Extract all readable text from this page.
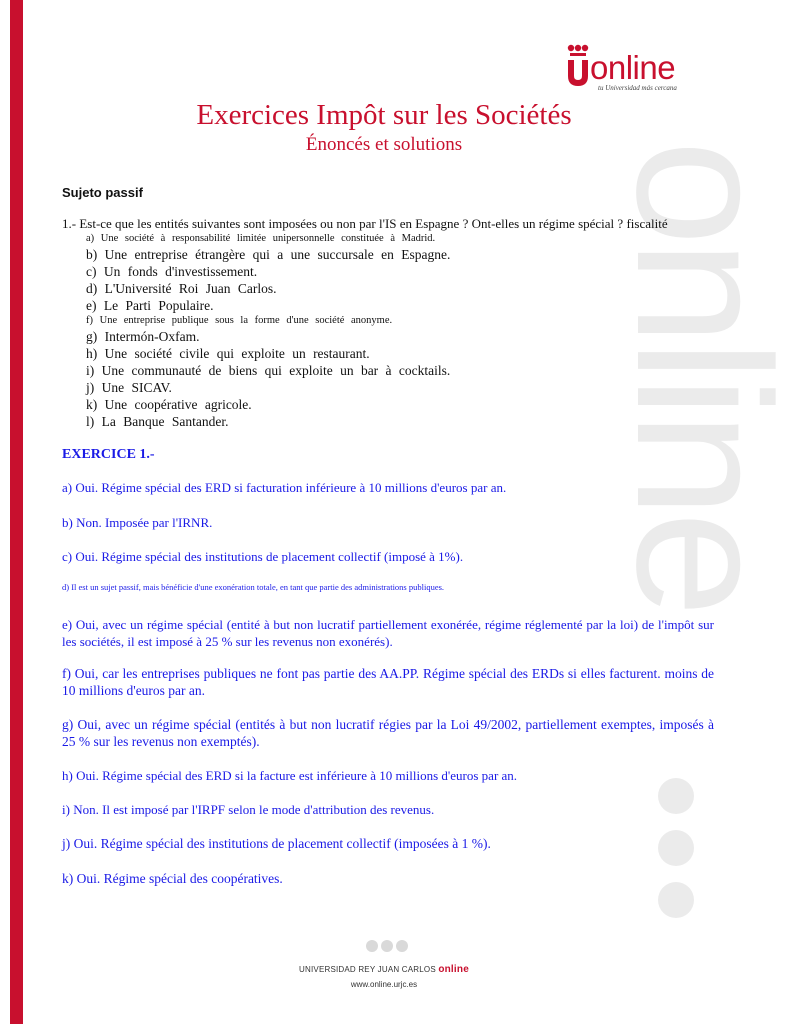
online
online
tu Universidad más cercana
Exercices Impôt sur les Sociétés
Énoncés et solutions

Sujeto passif

1.- Est-ce que les entités suivantes sont imposées ou non par l'IS en Espagne ? Ont-elles un régime spécial ? fiscalité

a) Une société à responsabilité limitée unipersonnelle constituée à Madrid.
b) Une entreprise étrangère qui a une succursale en Espagne.
c) Un fonds d'investissement.
d) L'Université Roi Juan Carlos.
e) Le Parti Populaire.
f) Une entreprise publique sous la forme d'une société anonyme.
g) Intermón-Oxfam.
h) Une société civile qui exploite un restaurant.
i) Une communauté de biens qui exploite un bar à cocktails.
j) Une SICAV.
k) Une coopérative agricole.
l) La Banque Santander.

EXERCICE 1.-

a) Oui. Régime spécial des ERD si facturation inférieure à 10 millions d'euros par an.

b) Non. Imposée par l'IRNR.

c) Oui. Régime spécial des institutions de placement collectif (imposé à 1%).

d) Il est un sujet passif, mais bénéficie d'une exonération totale, en tant que partie des administrations publiques.

e) Oui, avec un régime spécial (entité à but non lucratif partiellement exonérée, régime réglementé par la loi) de l'impôt sur les sociétés, il est imposé à 25 % sur les revenus non exonérés).

f) Oui, car les entreprises publiques ne font pas partie des AA.PP. Régime spécial des ERDs si elles facturent. moins de 10 millions d'euros par an.

g) Oui, avec un régime spécial (entités à but non lucratif régies par la Loi 49/2002, partiellement exemptes, imposés à 25 % sur les revenus non exemptés).

h) Oui. Régime spécial des ERD si la facture est inférieure à 10 millions d'euros par an.

i) Non. Il est imposé par l'IRPF selon le mode d'attribution des revenus.

j) Oui. Régime spécial des institutions de placement collectif (imposées à 1 %).

k) Oui. Régime spécial des coopératives.

UNIVERSIDAD REY JUAN CARLOS online
www.online.urjc.es
